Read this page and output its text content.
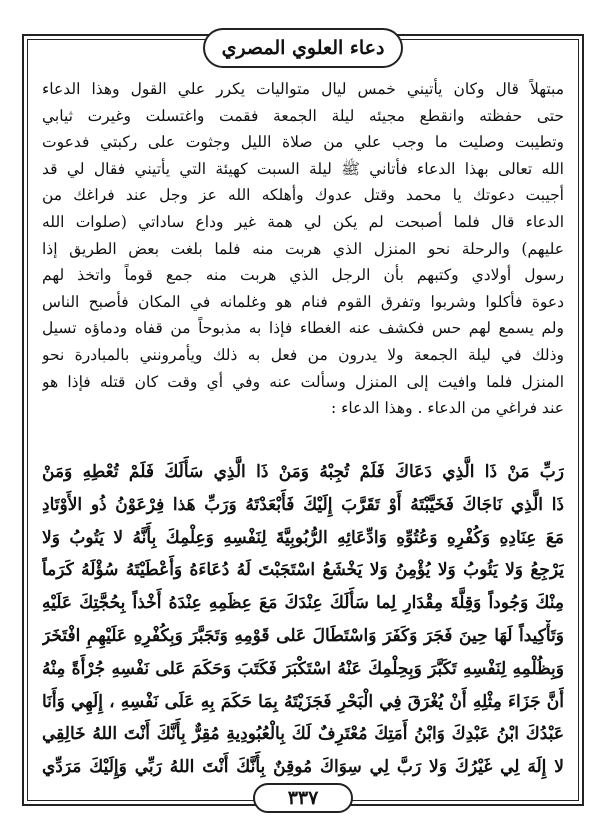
دعاء العلوي المصري
مبتهلاً قال وكان يأتيني خمس ليال متواليات يكرر علي القول وهذا الدعاء
حتى حفظته وانقطع مجيئه ليلة الجمعة فقمت واغتسلت وغيرت ثيابي
وتطيبت وصليت ما وجب علي من صلاة الليل وجثوت على ركبتي فدعوت
الله تعالى بهذا الدعاء فأتاني ﷺ ليلة السبت كهيئة التي يأتيني فقال لي قد
أجيبت دعوتك يا محمد وقتل عدوك وأهلكه الله عز وجل عند فراغك من
الدعاء قال فلما أصبحت لم يكن لي همة غير وداع ساداتي (صلوات الله
عليهم) والرحلة نحو المنزل الذي هربت منه فلما بلغت بعض الطريق إذا
رسول أولادي وكتبهم بأن الرجل الذي هربت منه جمع قوماً واتخذ لهم
دعوة فأكلوا وشربوا وتفرق القوم فنام هو وغلمانه في المكان فأصبح الناس
ولم يسمع لهم حس فكشف عنه الغطاء فإذا به مذبوحاً من قفاه ودماؤه تسيل
وذلك في ليلة الجمعة ولا يدرون من فعل به ذلك ويأمرونني بالمبادرة نحو
المنزل فلما وافيت إلى المنزل وسألت عنه وفي أي وقت كان قتله فإذا هو
عند فراغي من الدعاء . وهذا الدعاء :
رَبِّ مَنْ ذَا الَّذِي دَعَاكَ فَلَمْ تُجِبْهُ وَمَنْ ذَا الَّذِي سَأَلَكَ فَلَمْ تُعْطِهِ وَمَنْ
ذَا الَّذِي نَاجَاكَ فَخَيَّبْتَهُ أَوْ تَقَرَّبَ إِلَيْكَ فَأَبْعَدْتَهُ وَرَبِّ هَذا فِرْعَوْنُ ذُو الأَوْتَادِ
مَعَ عِنَادِهِ وَكُفْرِهِ وَعُتُوِّهِ وَادِّعَائِهِ الرُّبُوبِيَّةَ لِنَفْسِهِ وَعِلْمِكَ بِأَنَّهُ لا يَتُوبُ وَلا
يَرْجِعُ وَلا يَئُوبُ وَلا يُؤْمِنُ وَلا يَخْشَعُ اسْتَجَبْتَ لَهُ دُعَاءَهُ وَأَعْطَيْتَهُ سُؤْلَهُ كَرَماً
مِنْكَ وَجُوداً وَقِلَّةَ مِقْدَارِ لِما سَأَلَكَ عِنْدَكَ مَعَ عِظَمِهِ عِنْدَهُ أَخْذاً بِحُجَّتِكَ عَلَيْهِ
وَتَأْكِيداً لَهَا حِينَ فَجَرَ وَكَفَرَ وَاسْتَطَالَ عَلى قَوْمِهِ وَتَجَبَّرَ وَبِكُفْرِهِ عَلَيْهِمِ افْتَخَرَ
وَبِظُلْمِهِ لِنَفْسِهِ تَكَبَّرَ وَبِحِلْمِكَ عَنْهُ اسْتَكْبَرَ فَكَتَبَ وَحَكَمَ عَلى نَفْسِهِ جُرْأَةً مِنْهُ
أَنَّ جَزَاءَ مِثْلِهِ أَنْ يُغْرَقَ فِي الْبَحْرِ فَجَزَيْتَهُ بِمَا حَكَمَ بِهِ عَلَى نَفْسِهِ ، إِلَهِي وَأَنَا
عَبْدُكَ ابْنُ عَبْدِكَ وَابْنُ أَمَتِكَ مُعْتَرِفٌ لَكَ بِالْعُبُودِيةِ مُقِرٌّ بِأَنَّكَ أَنْتَ اللهُ خَالِقِي
لا إِلَهَ لِي غَيْرُكَ وَلا رَبَّ لِي سِوَاكَ مُوقِنٌ بِأَنَّكَ أَنْتَ اللهُ رَبِّي وَإِلَيْكَ مَرَدِّي
٣٣٧
